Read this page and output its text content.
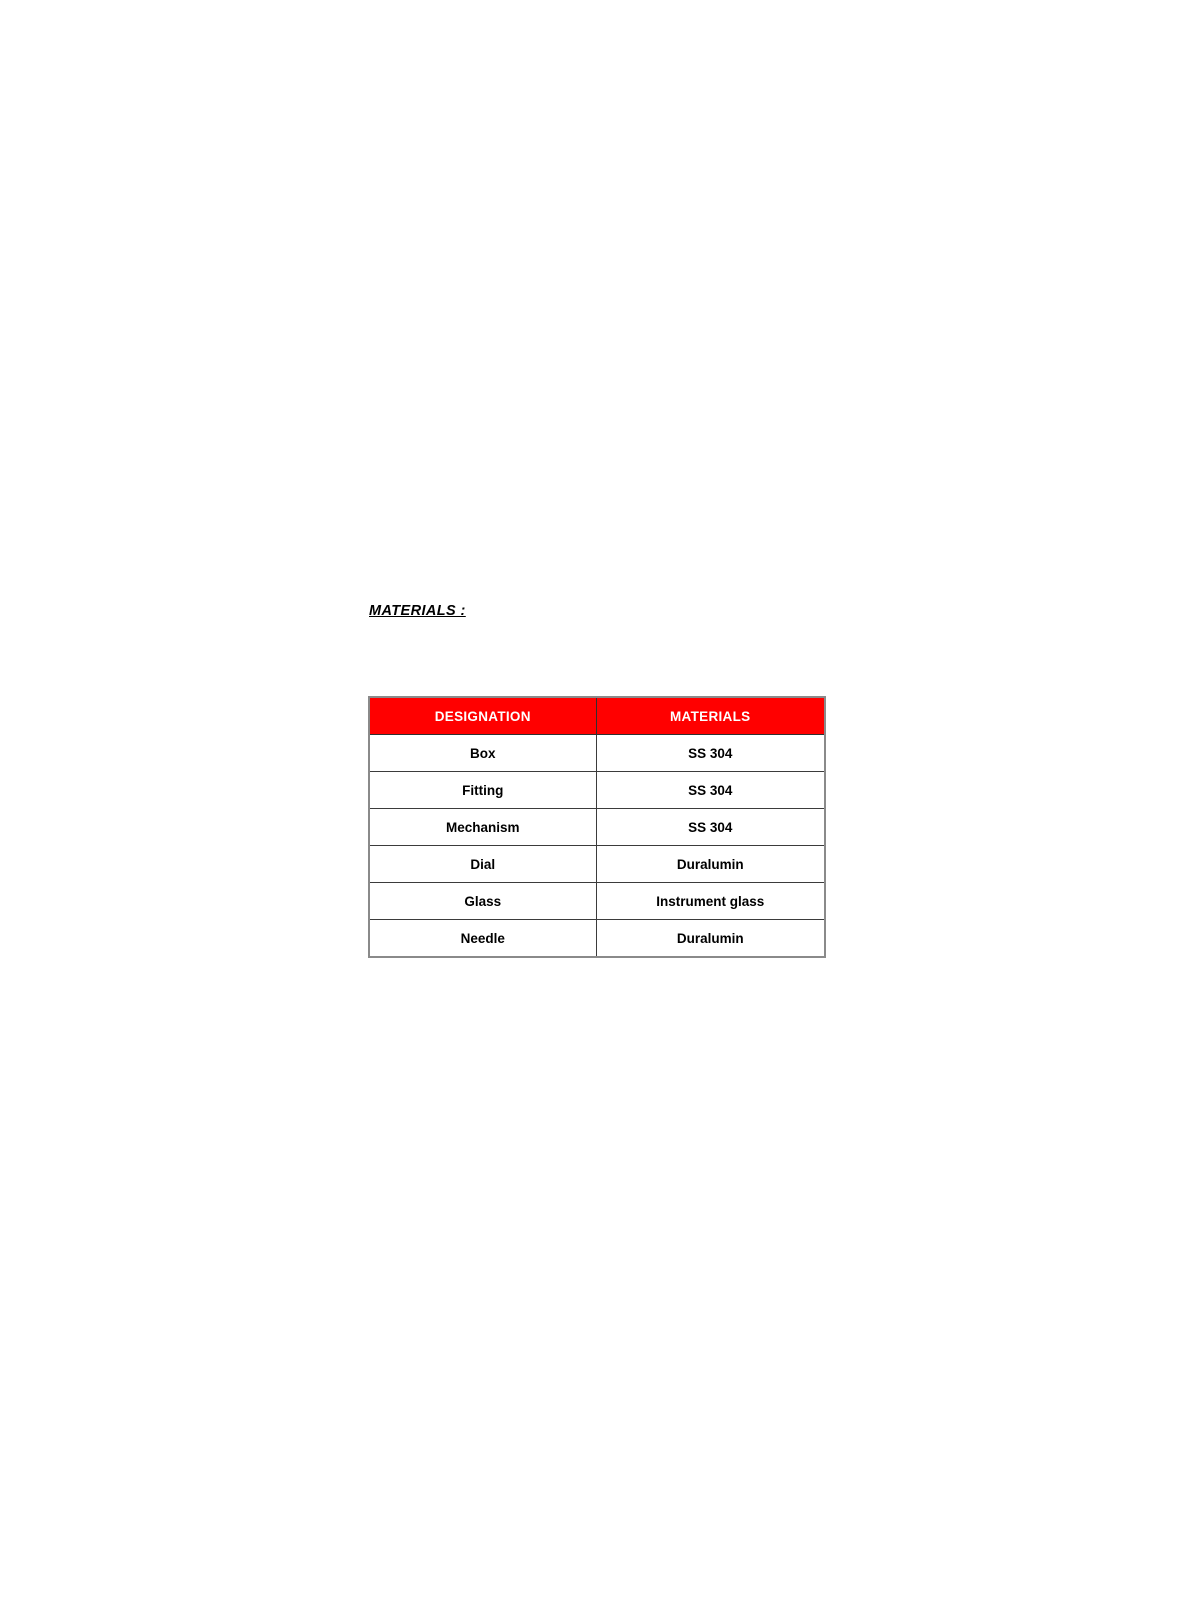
MATERIALS :
DESIGNATION	MATERIALS
Box	SS 304
Fitting	SS 304
Mechanism	SS 304
Dial	Duralumin
Glass	Instrument glass
Needle	Duralumin
